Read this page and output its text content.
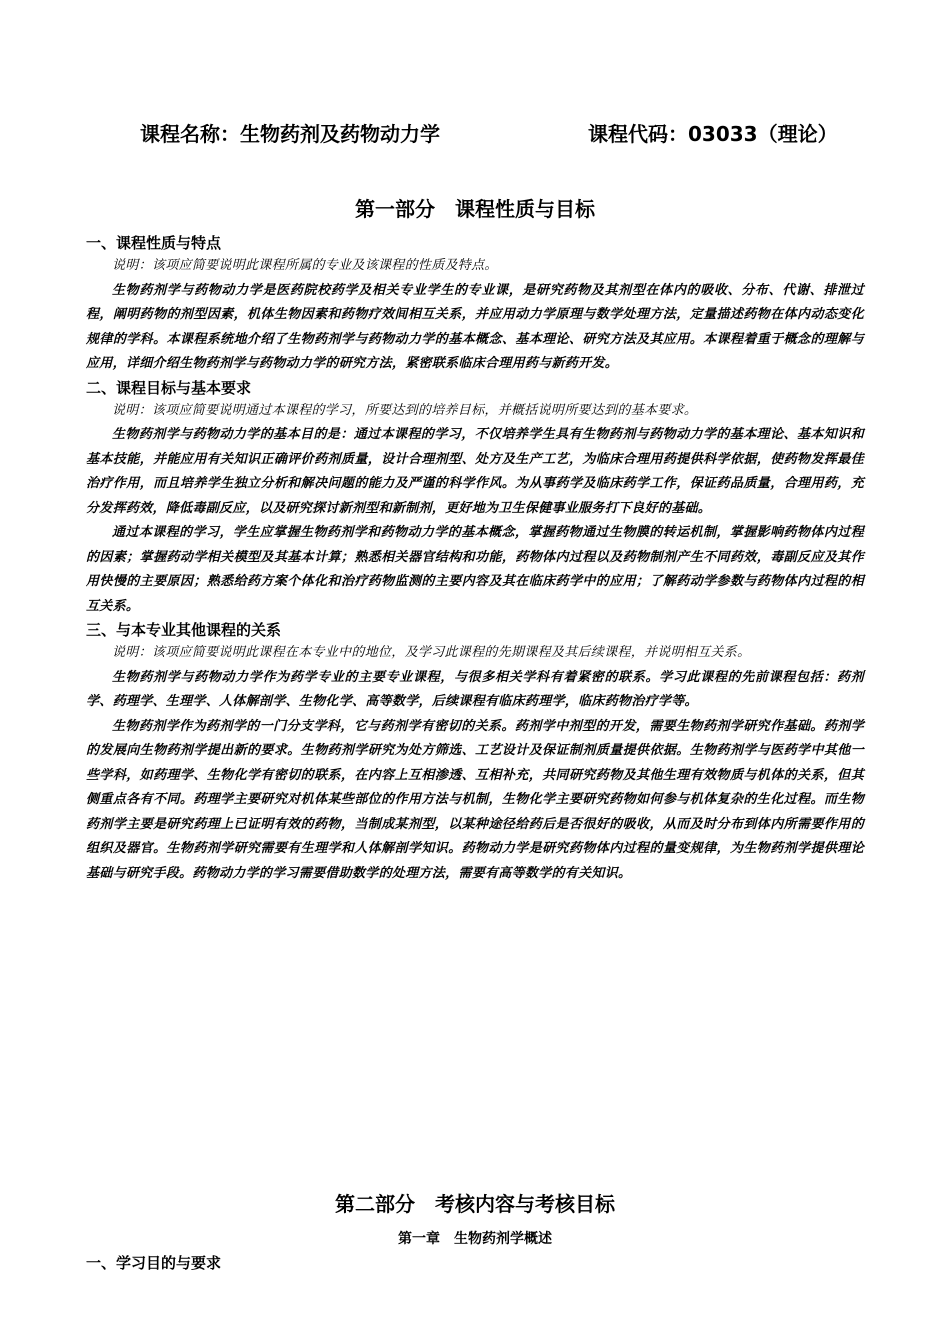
课程名称：生物药剂及药物动力学	课程代码：03033（理论）
第一部分　课程性质与目标
一、课程性质与特点

说明：该项应简要说明此课程所属的专业及该课程的性质及特点。

生物药剂学与药物动力学是医药院校药学及相关专业学生的专业课，是研究药物及其剂型在体内的吸收、分布、代谢、排泄过程，阐明药物的剂型因素，机体生物因素和药物疗效间相互关系，并应用动力学原理与数学处理方法，定量描述药物在体内动态变化规律的学科。本课程系统地介绍了生物药剂学与药物动力学的基本概念、基本理论、研究方法及其应用。本课程着重于概念的理解与应用，详细介绍生物药剂学与药物动力学的研究方法，紧密联系临床合理用药与新药开发。

二、课程目标与基本要求

说明：该项应简要说明通过本课程的学习，所要达到的培养目标，并概括说明所要达到的基本要求。

生物药剂学与药物动力学的基本目的是：通过本课程的学习，不仅培养学生具有生物药剂与药物动力学的基本理论、基本知识和基本技能，并能应用有关知识正确评价药剂质量，设计合理剂型、处方及生产工艺，为临床合理用药提供科学依据，使药物发挥最佳治疗作用，而且培养学生独立分析和解决问题的能力及严谨的科学作风。为从事药学及临床药学工作，保证药品质量，合理用药，充分发挥药效，降低毒副反应，以及研究探讨新剂型和新制剂，更好地为卫生保健事业服务打下良好的基础。

通过本课程的学习，学生应掌握生物药剂学和药物动力学的基本概念，掌握药物通过生物膜的转运机制，掌握影响药物体内过程的因素；掌握药动学相关模型及其基本计算；熟悉相关器官结构和功能，药物体内过程以及药物制剂产生不同药效，毒副反应及其作用快慢的主要原因；熟悉给药方案个体化和治疗药物监测的主要内容及其在临床药学中的应用；了解药动学参数与药物体内过程的相互关系。

三、与本专业其他课程的关系

说明：该项应简要说明此课程在本专业中的地位，及学习此课程的先期课程及其后续课程，并说明相互关系。

生物药剂学与药物动力学作为药学专业的主要专业课程，与很多相关学科有着紧密的联系。学习此课程的先前课程包括：药剂学、药理学、生理学、人体解剖学、生物化学、高等数学，后续课程有临床药理学，临床药物治疗学等。

生物药剂学作为药剂学的一门分支学科，它与药剂学有密切的关系。药剂学中剂型的开发，需要生物药剂学研究作基础。药剂学的发展向生物药剂学提出新的要求。生物药剂学研究为处方筛选、工艺设计及保证制剂质量提供依据。生物药剂学与医药学中其他一些学科，如药理学、生物化学有密切的联系，在内容上互相渗透、互相补充，共同研究药物及其他生理有效物质与机体的关系，但其侧重点各有不同。药理学主要研究对机体某些部位的作用方法与机制，生物化学主要研究药物如何参与机体复杂的生化过程。而生物药剂学主要是研究药理上已证明有效的药物，当制成某剂型，以某种途径给药后是否很好的吸收，从而及时分布到体内所需要作用的组织及器官。生物药剂学研究需要有生理学和人体解剖学知识。药物动力学是研究药物体内过程的量变规律，为生物药剂学提供理论基础与研究手段。药物动力学的学习需要借助数学的处理方法，需要有高等数学的有关知识。

第二部分　考核内容与考核目标
第一章　生物药剂学概述
一、学习目的与要求
